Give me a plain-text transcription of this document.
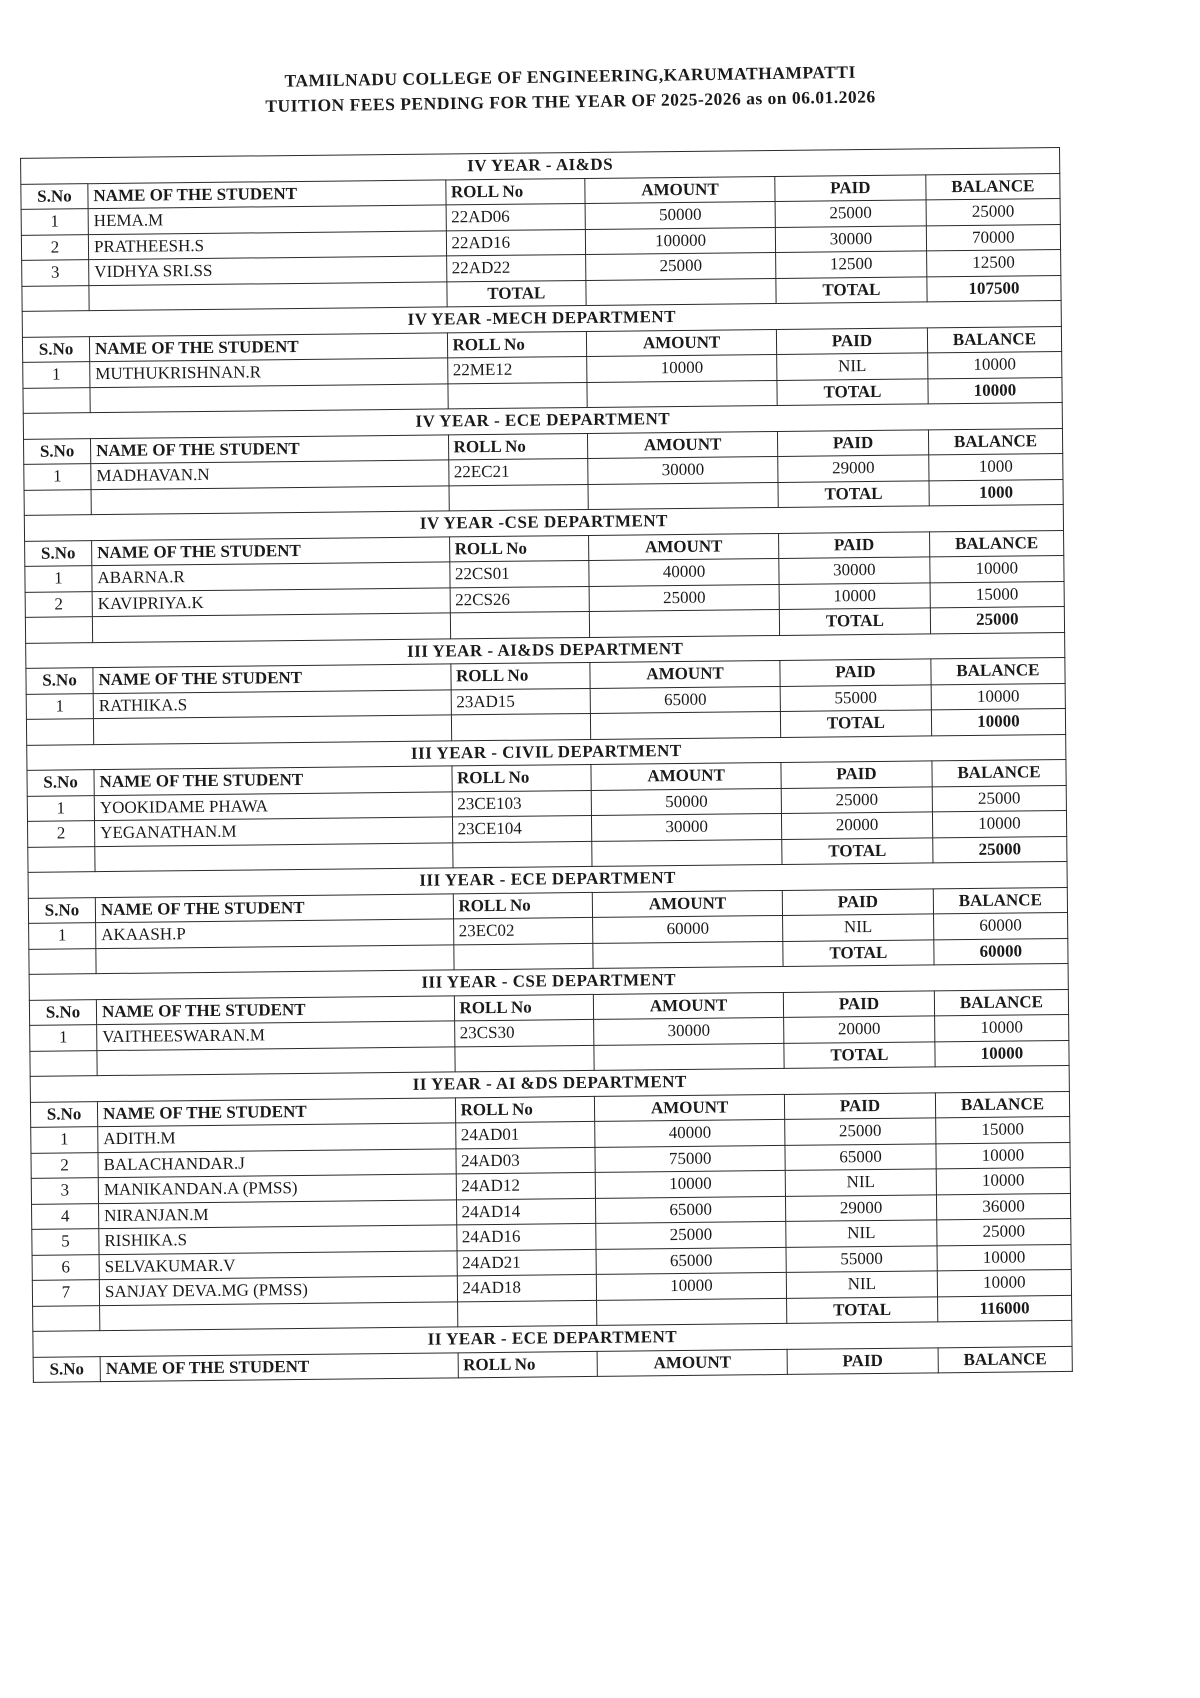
TAMILNADU COLLEGE OF ENGINEERING,KARUMATHAMPATTI
TUITION FEES PENDING FOR THE YEAR OF 2025-2026 as on 06.01.2026
IV YEAR - AI&DS					
S.No	NAME OF THE STUDENT	ROLL No	AMOUNT	PAID	BALANCE
1	HEMA.M	22AD06	50000	25000	25000
2	PRATHEESH.S	22AD16	100000	30000	70000
3	VIDHYA SRI.SS	22AD22	25000	12500	12500
		TOTAL		TOTAL	107500
IV YEAR -MECH DEPARTMENT					
S.No	NAME OF THE STUDENT	ROLL No	AMOUNT	PAID	BALANCE
1	MUTHUKRISHNAN.R	22ME12	10000	NIL	10000
				TOTAL	10000
IV YEAR - ECE DEPARTMENT					
S.No	NAME OF THE STUDENT	ROLL No	AMOUNT	PAID	BALANCE
1	MADHAVAN.N	22EC21	30000	29000	1000
				TOTAL	1000
IV YEAR -CSE DEPARTMENT					
S.No	NAME OF THE STUDENT	ROLL No	AMOUNT	PAID	BALANCE
1	ABARNA.R	22CS01	40000	30000	10000
2	KAVIPRIYA.K	22CS26	25000	10000	15000
				TOTAL	25000
III YEAR - AI&DS DEPARTMENT					
S.No	NAME OF THE STUDENT	ROLL No	AMOUNT	PAID	BALANCE
1	RATHIKA.S	23AD15	65000	55000	10000
				TOTAL	10000
III YEAR - CIVIL DEPARTMENT					
S.No	NAME OF THE STUDENT	ROLL No	AMOUNT	PAID	BALANCE
1	YOOKIDAME PHAWA	23CE103	50000	25000	25000
2	YEGANATHAN.M	23CE104	30000	20000	10000
				TOTAL	25000
III YEAR - ECE DEPARTMENT					
S.No	NAME OF THE STUDENT	ROLL No	AMOUNT	PAID	BALANCE
1	AKAASH.P	23EC02	60000	NIL	60000
				TOTAL	60000
III YEAR - CSE DEPARTMENT					
S.No	NAME OF THE STUDENT	ROLL No	AMOUNT	PAID	BALANCE
1	VAITHEESWARAN.M	23CS30	30000	20000	10000
				TOTAL	10000
II YEAR - AI &DS DEPARTMENT					
S.No	NAME OF THE STUDENT	ROLL No	AMOUNT	PAID	BALANCE
1	ADITH.M	24AD01	40000	25000	15000
2	BALACHANDAR.J	24AD03	75000	65000	10000
3	MANIKANDAN.A (PMSS)	24AD12	10000	NIL	10000
4	NIRANJAN.M	24AD14	65000	29000	36000
5	RISHIKA.S	24AD16	25000	NIL	25000
6	SELVAKUMAR.V	24AD21	65000	55000	10000
7	SANJAY DEVA.MG (PMSS)	24AD18	10000	NIL	10000
				TOTAL	116000
II YEAR - ECE DEPARTMENT					
S.No	NAME OF THE STUDENT	ROLL No	AMOUNT	PAID	BALANCE
